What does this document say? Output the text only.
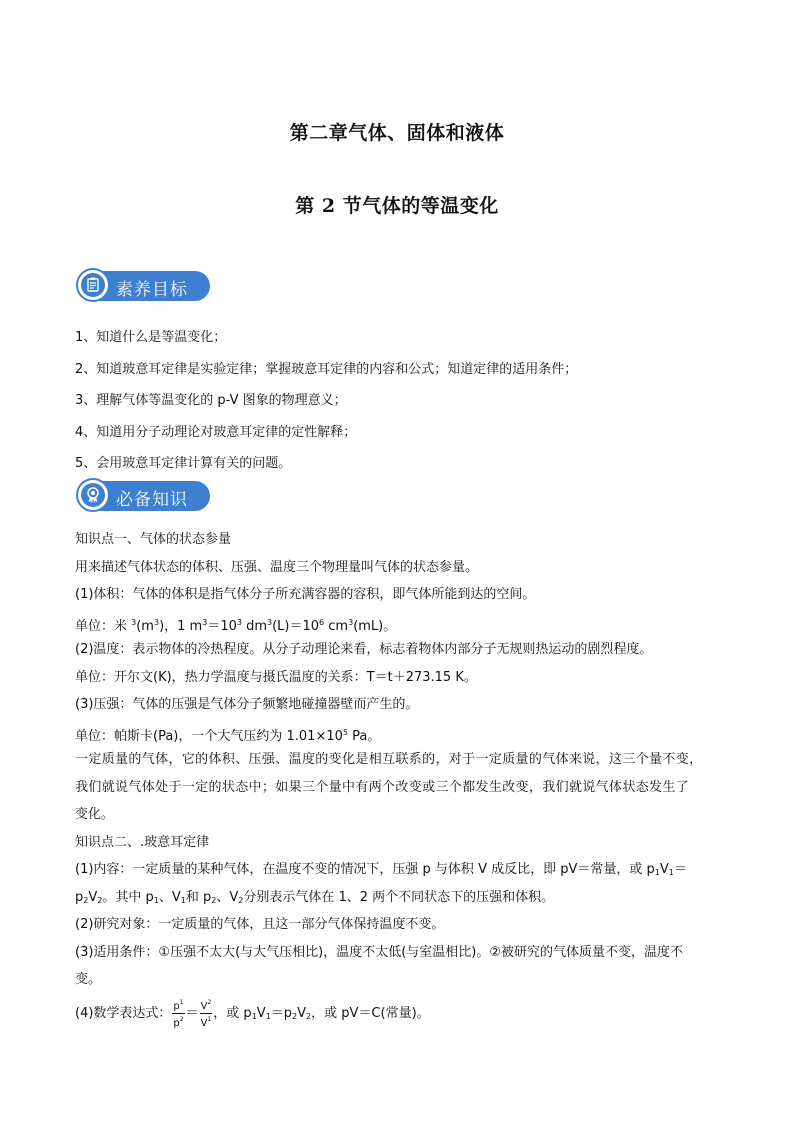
第二章气体、固体和液体
第 2 节气体的等温变化
素养目标
1、知道什么是等温变化；
2、知道玻意耳定律是实验定律；掌握玻意耳定律的内容和公式；知道定律的适用条件；
3、理解气体等温变化的 p-V 图象的物理意义；
4、知道用分子动理论对玻意耳定律的定性解释；
5、会用玻意耳定律计算有关的问题。
必备知识
知识点一、气体的状态参量
用来描述气体状态的体积、压强、温度三个物理量叫气体的状态参量。
(1)体积：气体的体积是指气体分子所充满容器的容积，即气体所能到达的空间。
单位：米 $^3(m^3)$，1 $m^3=10^3$ $dm^3(L)=10^6$ $cm^3(mL)$。
(2)温度：表示物体的冷热程度。从分子动理论来看，标志着物体内部分子无规则热运动的剧烈程度。
单位：开尔文(K)，热力学温度与摄氏温度的关系：T＝t＋273.15 K。
(3)压强：气体的压强是气体分子频繁地碰撞器壁而产生的。
单位：帕斯卡(Pa)，一个大气压约为 $1.01\times 10^5$ Pa。
一定质量的气体，它的体积、压强、温度的变化是相互联系的，对于一定质量的气体来说，这三个量不变，
我们就说气体处于一定的状态中；如果三个量中有两个改变或三个都发生改变，我们就说气体状态发生了
变化。
知识点二、.玻意耳定律
(1)内容：一定质量的某种气体，在温度不变的情况下，压强 p 与体积 V 成反比，即 pV＝常量，或 $p_1V_1=$
$p_2V_2$。其中 $p_1$、$V_1$和 $p_2$、$V_2$分别表示气体在 1、2 两个不同状态下的压强和体积。
(2)研究对象：一定质量的气体，且这一部分气体保持温度不变。
(3)适用条件：①压强不太大(与大气压相比)，温度不太低(与室温相比)。②被研究的气体质量不变，温度不
变。
(4)数学表达式： $\frac{p^1}{p^2} = \frac{V^2}{V^1}$ ，或 $p_1V_1=p_2V_2$，或 pV＝C(常量)。
